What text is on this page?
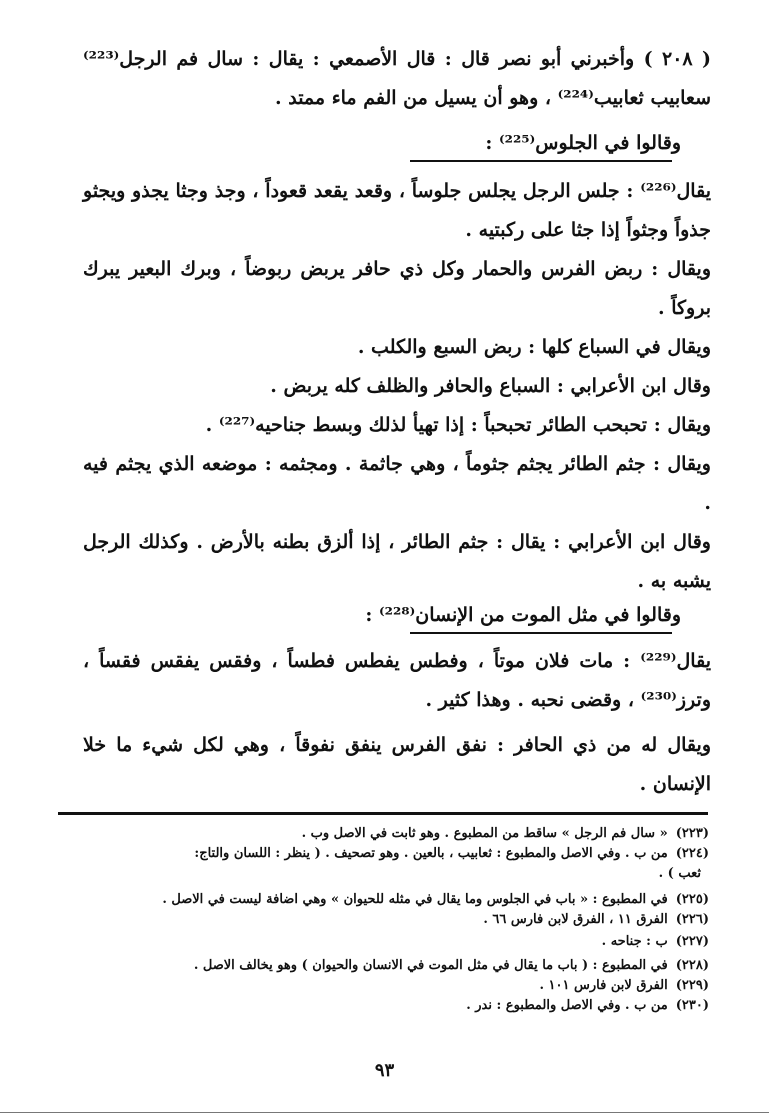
( ٢٠٨ ) وأخبرني أبو نصر قال : قال الأصمعي : يقال : سال فم الرجل⁽²²³⁾ سعابيب ثعابيب⁽²²⁴⁾ ، وهو أن يسيل من الفم ماء ممتد .
وقالوا في الجلوس⁽²²⁵⁾ :
يقال⁽²²⁶⁾ : جلس الرجل يجلس جلوساً ، وقعد يقعد قعوداً ، وجذ وجثا يجذو ويجثو جذواً وجثواً إذا جثا على ركبتيه .
ويقال : ربض الفرس والحمار وكل ذي حافر يربض ربوضاً ، وبرك البعير يبرك بروكاً .
ويقال في السباع كلها : ربض السبع والكلب .
وقال ابن الأعرابي : السباع والحافر والظلف كله يربض .
ويقال : تحبحب الطائر تحبحباً : إذا تهيأ لذلك وبسط جناحيه⁽²²⁷⁾ .
ويقال : جثم الطائر يجثم جثوماً ، وهي جاثمة . ومجثمه : موضعه الذي يجثم فيه .
وقال ابن الأعرابي : يقال : جثم الطائر ، إذا ألزق بطنه بالأرض . وكذلك الرجل يشبه به .
وقالوا في مثل الموت من الإنسان⁽²²⁸⁾ :
يقال⁽²²⁹⁾ : مات فلان موتاً ، وفطس يفطس فطساً ، وفقس يفقس فقساً ، وترز⁽²³⁰⁾ ، وقضى نحبه . وهذا كثير .
ويقال له من ذي الحافر : نفق الفرس ينفق نفوقاً ، وهي لكل شيء ما خلا الإنسان .
(٢٢٣)« سال فم الرجل » ساقط من المطبوع . وهو ثابت في الاصل وب .
(٢٢٤)من ب . وفي الاصل والمطبوع : ثعابيب ، بالعين . وهو تصحيف . ( ينظر : اللسان والتاج:
ثعب ) .
(٢٢٥)في المطبوع : « باب في الجلوس وما يقال في مثله للحيوان » وهي اضافة ليست في الاصل .
(٢٢٦)الفرق ١١ ، الفرق لابن فارس ٦٦ .
(٢٢٧)ب : جناحه .
(٢٢٨)في المطبوع : ( باب ما يقال في مثل الموت في الانسان والحيوان ) وهو يخالف الاصل .
(٢٢٩)الفرق لابن فارس ١٠١ .
(٢٣٠)من ب . وفي الاصل والمطبوع : ندر .
٩٣
